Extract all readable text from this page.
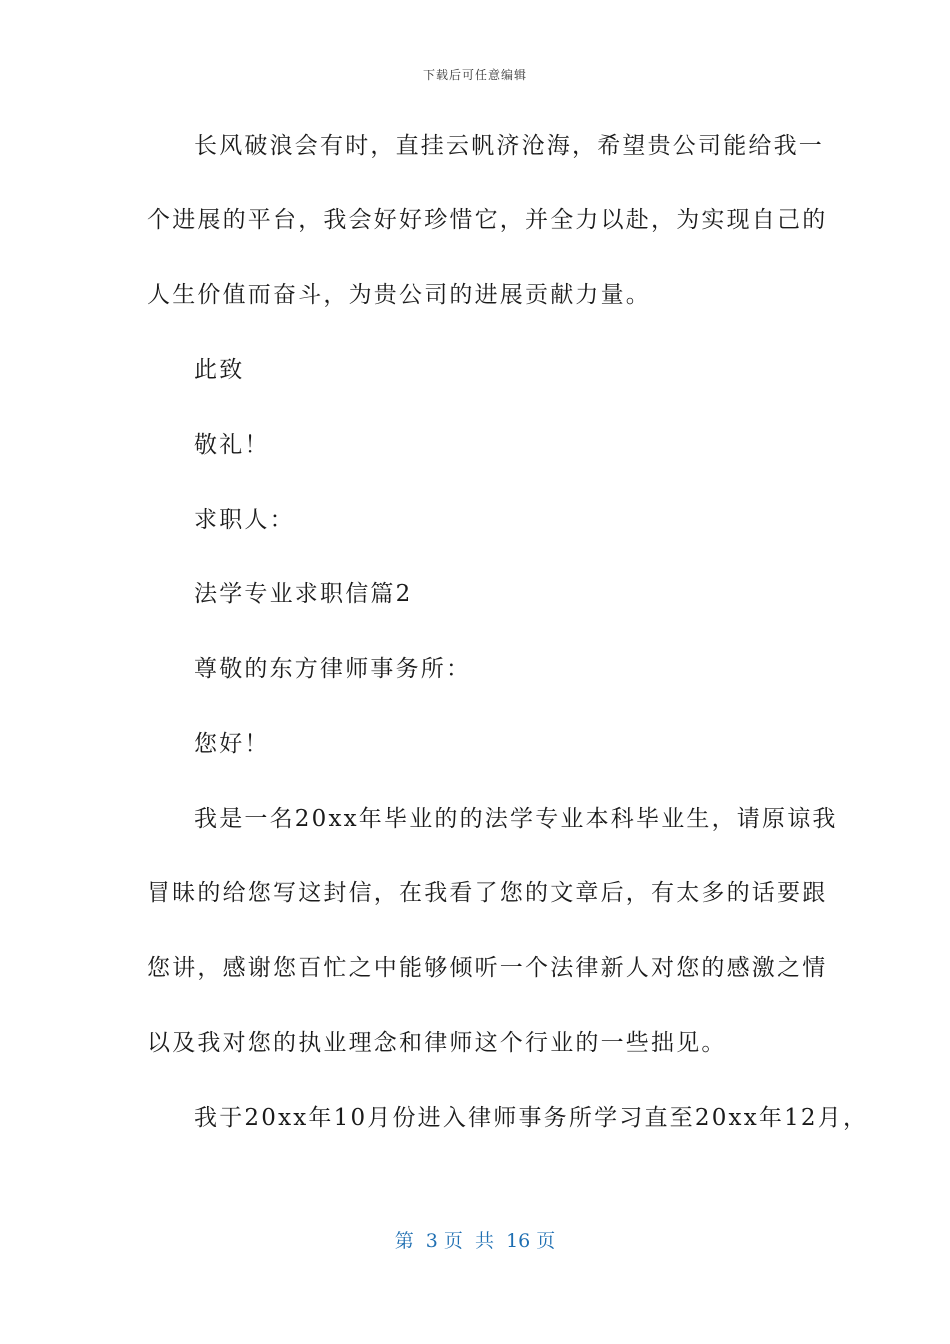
下载后可任意编辑
长风破浪会有时，直挂云帆济沧海，希望贵公司能给我一
个进展的平台，我会好好珍惜它，并全力以赴，为实现自己的
人生价值而奋斗，为贵公司的进展贡献力量。
此致
敬礼！
求职人：
法学专业求职信篇2
尊敬的东方律师事务所：
您好！
我是一名20xx年毕业的的法学专业本科毕业生，请原谅我
冒昧的给您写这封信，在我看了您的文章后，有太多的话要跟
您讲，感谢您百忙之中能够倾听一个法律新人对您的感激之情
以及我对您的执业理念和律师这个行业的一些拙见。
我于20xx年10月份进入律师事务所学习直至20xx年12月，
第  3 页  共  16 页
